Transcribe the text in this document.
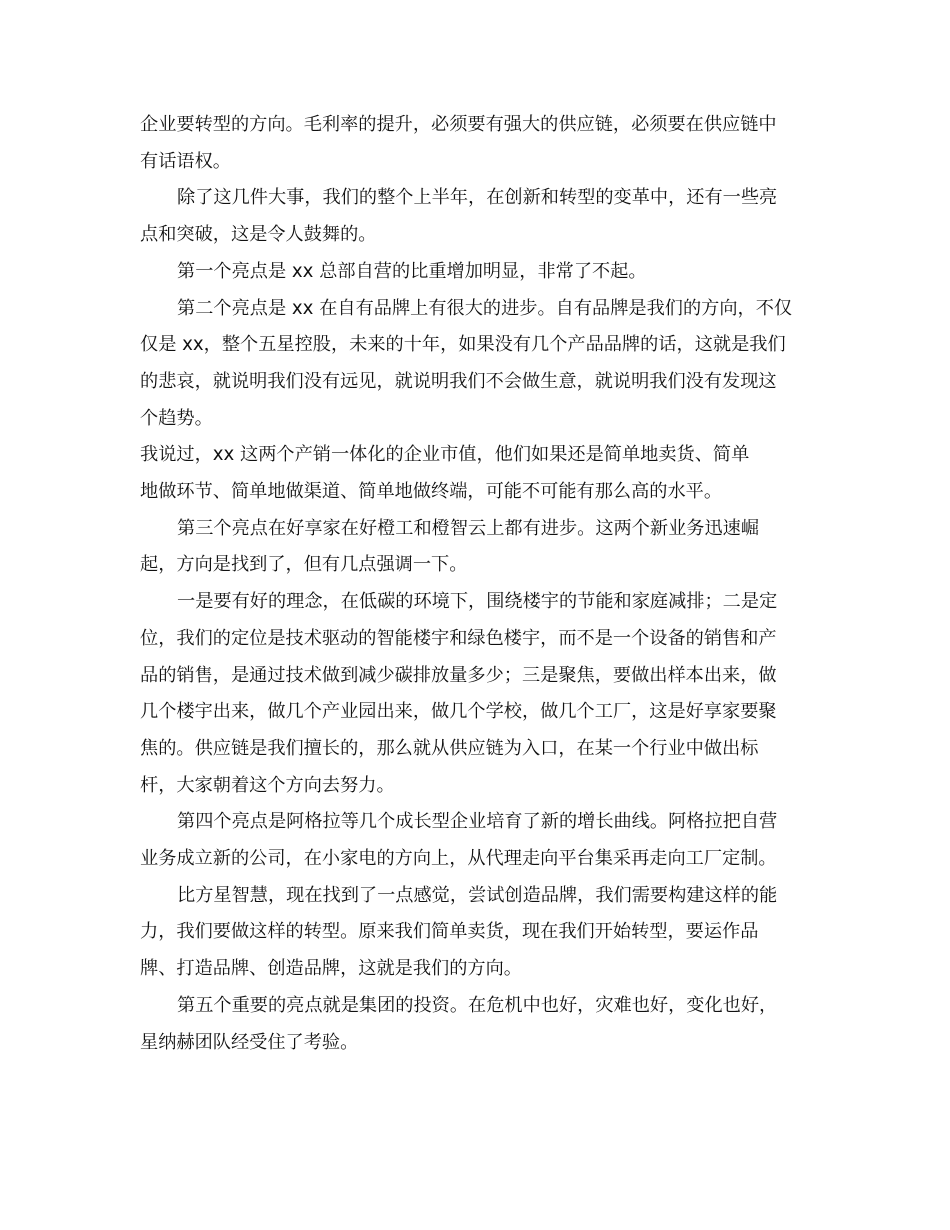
企业要转型的方向。毛利率的提升，必须要有强大的供应链，必须要在供应链中
有话语权。

除了这几件大事，我们的整个上半年，在创新和转型的变革中，还有一些亮
点和突破，这是令人鼓舞的。

第一个亮点是 xx 总部自营的比重增加明显，非常了不起。

第二个亮点是 xx 在自有品牌上有很大的进步。自有品牌是我们的方向，不仅
仅是 xx，整个五星控股，未来的十年，如果没有几个产品品牌的话，这就是我们
的悲哀，就说明我们没有远见，就说明我们不会做生意，就说明我们没有发现这
个趋势。

我说过，xx 这两个产销一体化的企业市值，他们如果还是简单地卖货、简单
地做环节、简单地做渠道、简单地做终端，可能不可能有那么高的水平。

第三个亮点在好享家在好橙工和橙智云上都有进步。这两个新业务迅速崛
起，方向是找到了，但有几点强调一下。

一是要有好的理念，在低碳的环境下，围绕楼宇的节能和家庭减排；二是定
位，我们的定位是技术驱动的智能楼宇和绿色楼宇，而不是一个设备的销售和产
品的销售，是通过技术做到减少碳排放量多少；三是聚焦，要做出样本出来，做
几个楼宇出来，做几个产业园出来，做几个学校，做几个工厂，这是好享家要聚
焦的。供应链是我们擅长的，那么就从供应链为入口，在某一个行业中做出标
杆，大家朝着这个方向去努力。

第四个亮点是阿格拉等几个成长型企业培育了新的增长曲线。阿格拉把自营
业务成立新的公司，在小家电的方向上，从代理走向平台集采再走向工厂定制。

比方星智慧，现在找到了一点感觉，尝试创造品牌，我们需要构建这样的能
力，我们要做这样的转型。原来我们简单卖货，现在我们开始转型，要运作品
牌、打造品牌、创造品牌，这就是我们的方向。

第五个重要的亮点就是集团的投资。在危机中也好，灾难也好，变化也好，
星纳赫团队经受住了考验。
